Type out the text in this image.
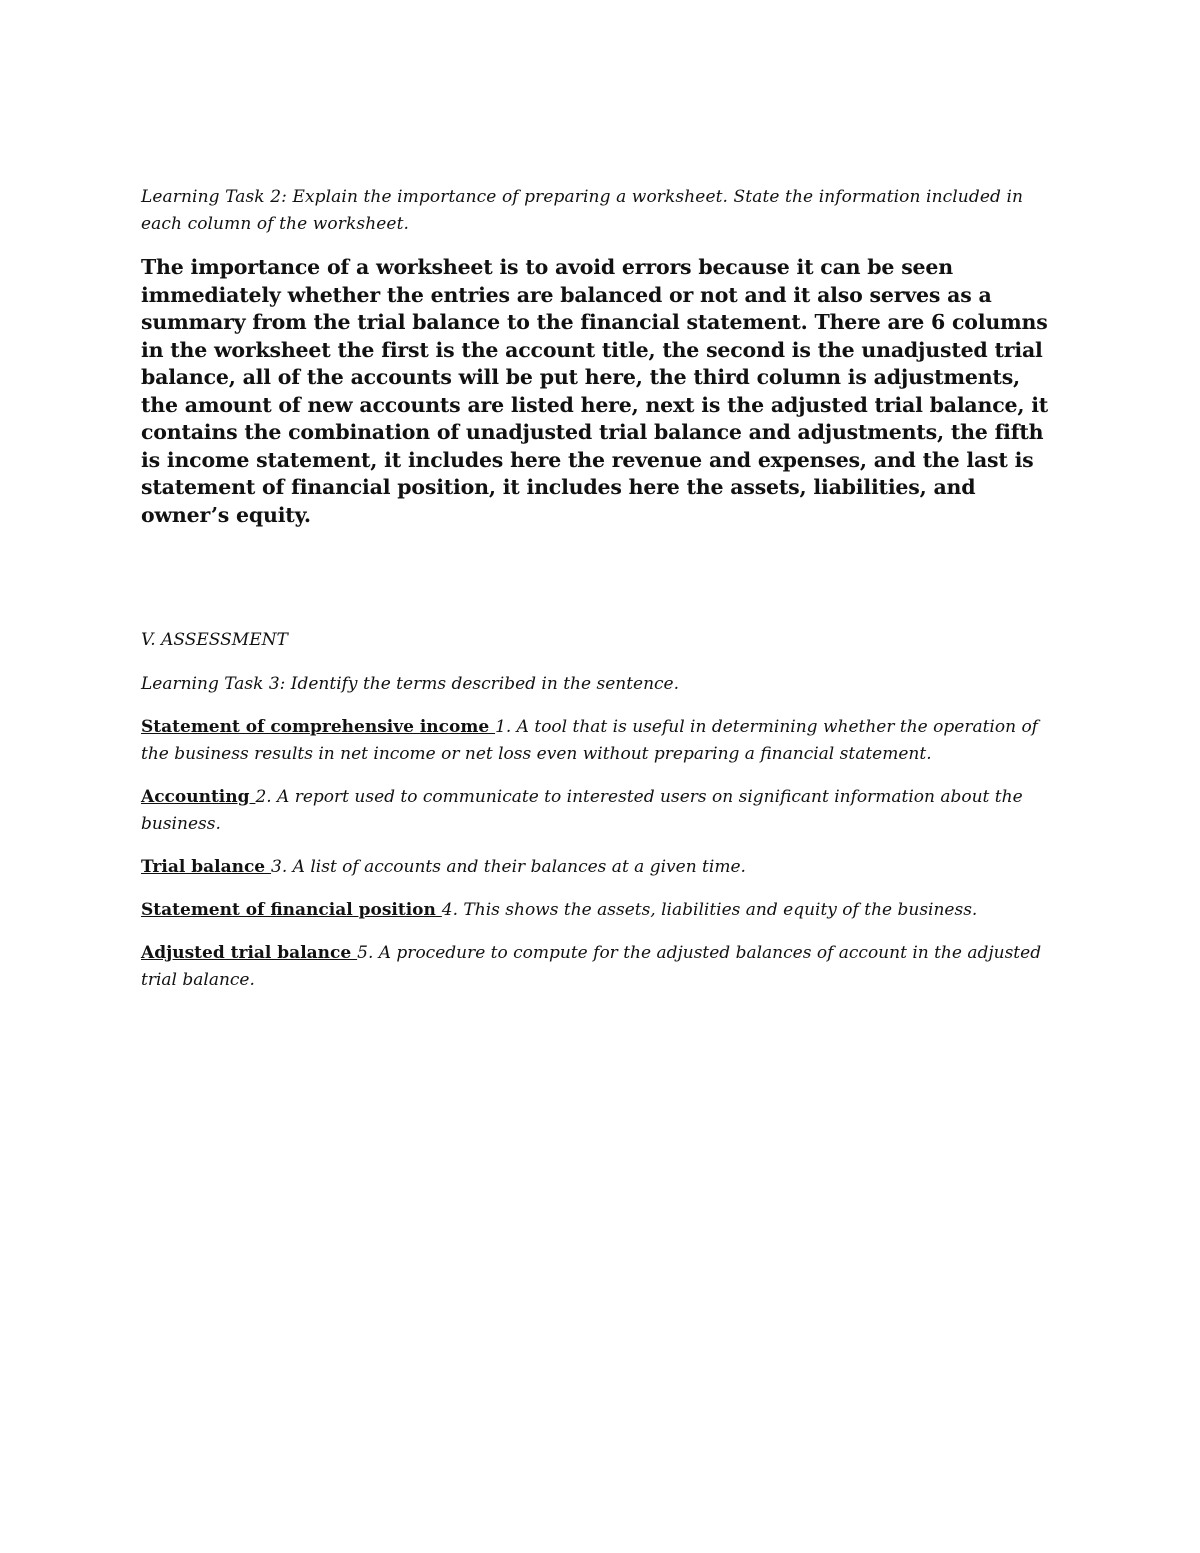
Learning Task 2: Explain the importance of preparing a worksheet. State the information included in each column of the worksheet.

The importance of a worksheet is to avoid errors because it can be seen immediately whether the entries are balanced or not and it also serves as a summary from the trial balance to the financial statement. There are 6 columns in the worksheet the first is the account title, the second is the unadjusted trial balance, all of the accounts will be put here, the third column is adjustments, the amount of new accounts are listed here, next is the adjusted trial balance, it contains the combination of unadjusted trial balance and adjustments, the fifth is income statement, it includes here the revenue and expenses, and the last is statement of financial position, it includes here the assets, liabilities, and owner’s equity.

V. ASSESSMENT

Learning Task 3: Identify the terms described in the sentence.

Statement of comprehensive income 1. A tool that is useful in determining whether the operation of the business results in net income or net loss even without preparing a financial statement.

Accounting 2. A report used to communicate to interested users on significant information about the business.

Trial balance 3. A list of accounts and their balances at a given time.

Statement of financial position 4. This shows the assets, liabilities and equity of the business.

Adjusted trial balance 5. A procedure to compute for the adjusted balances of account in the adjusted trial balance.
